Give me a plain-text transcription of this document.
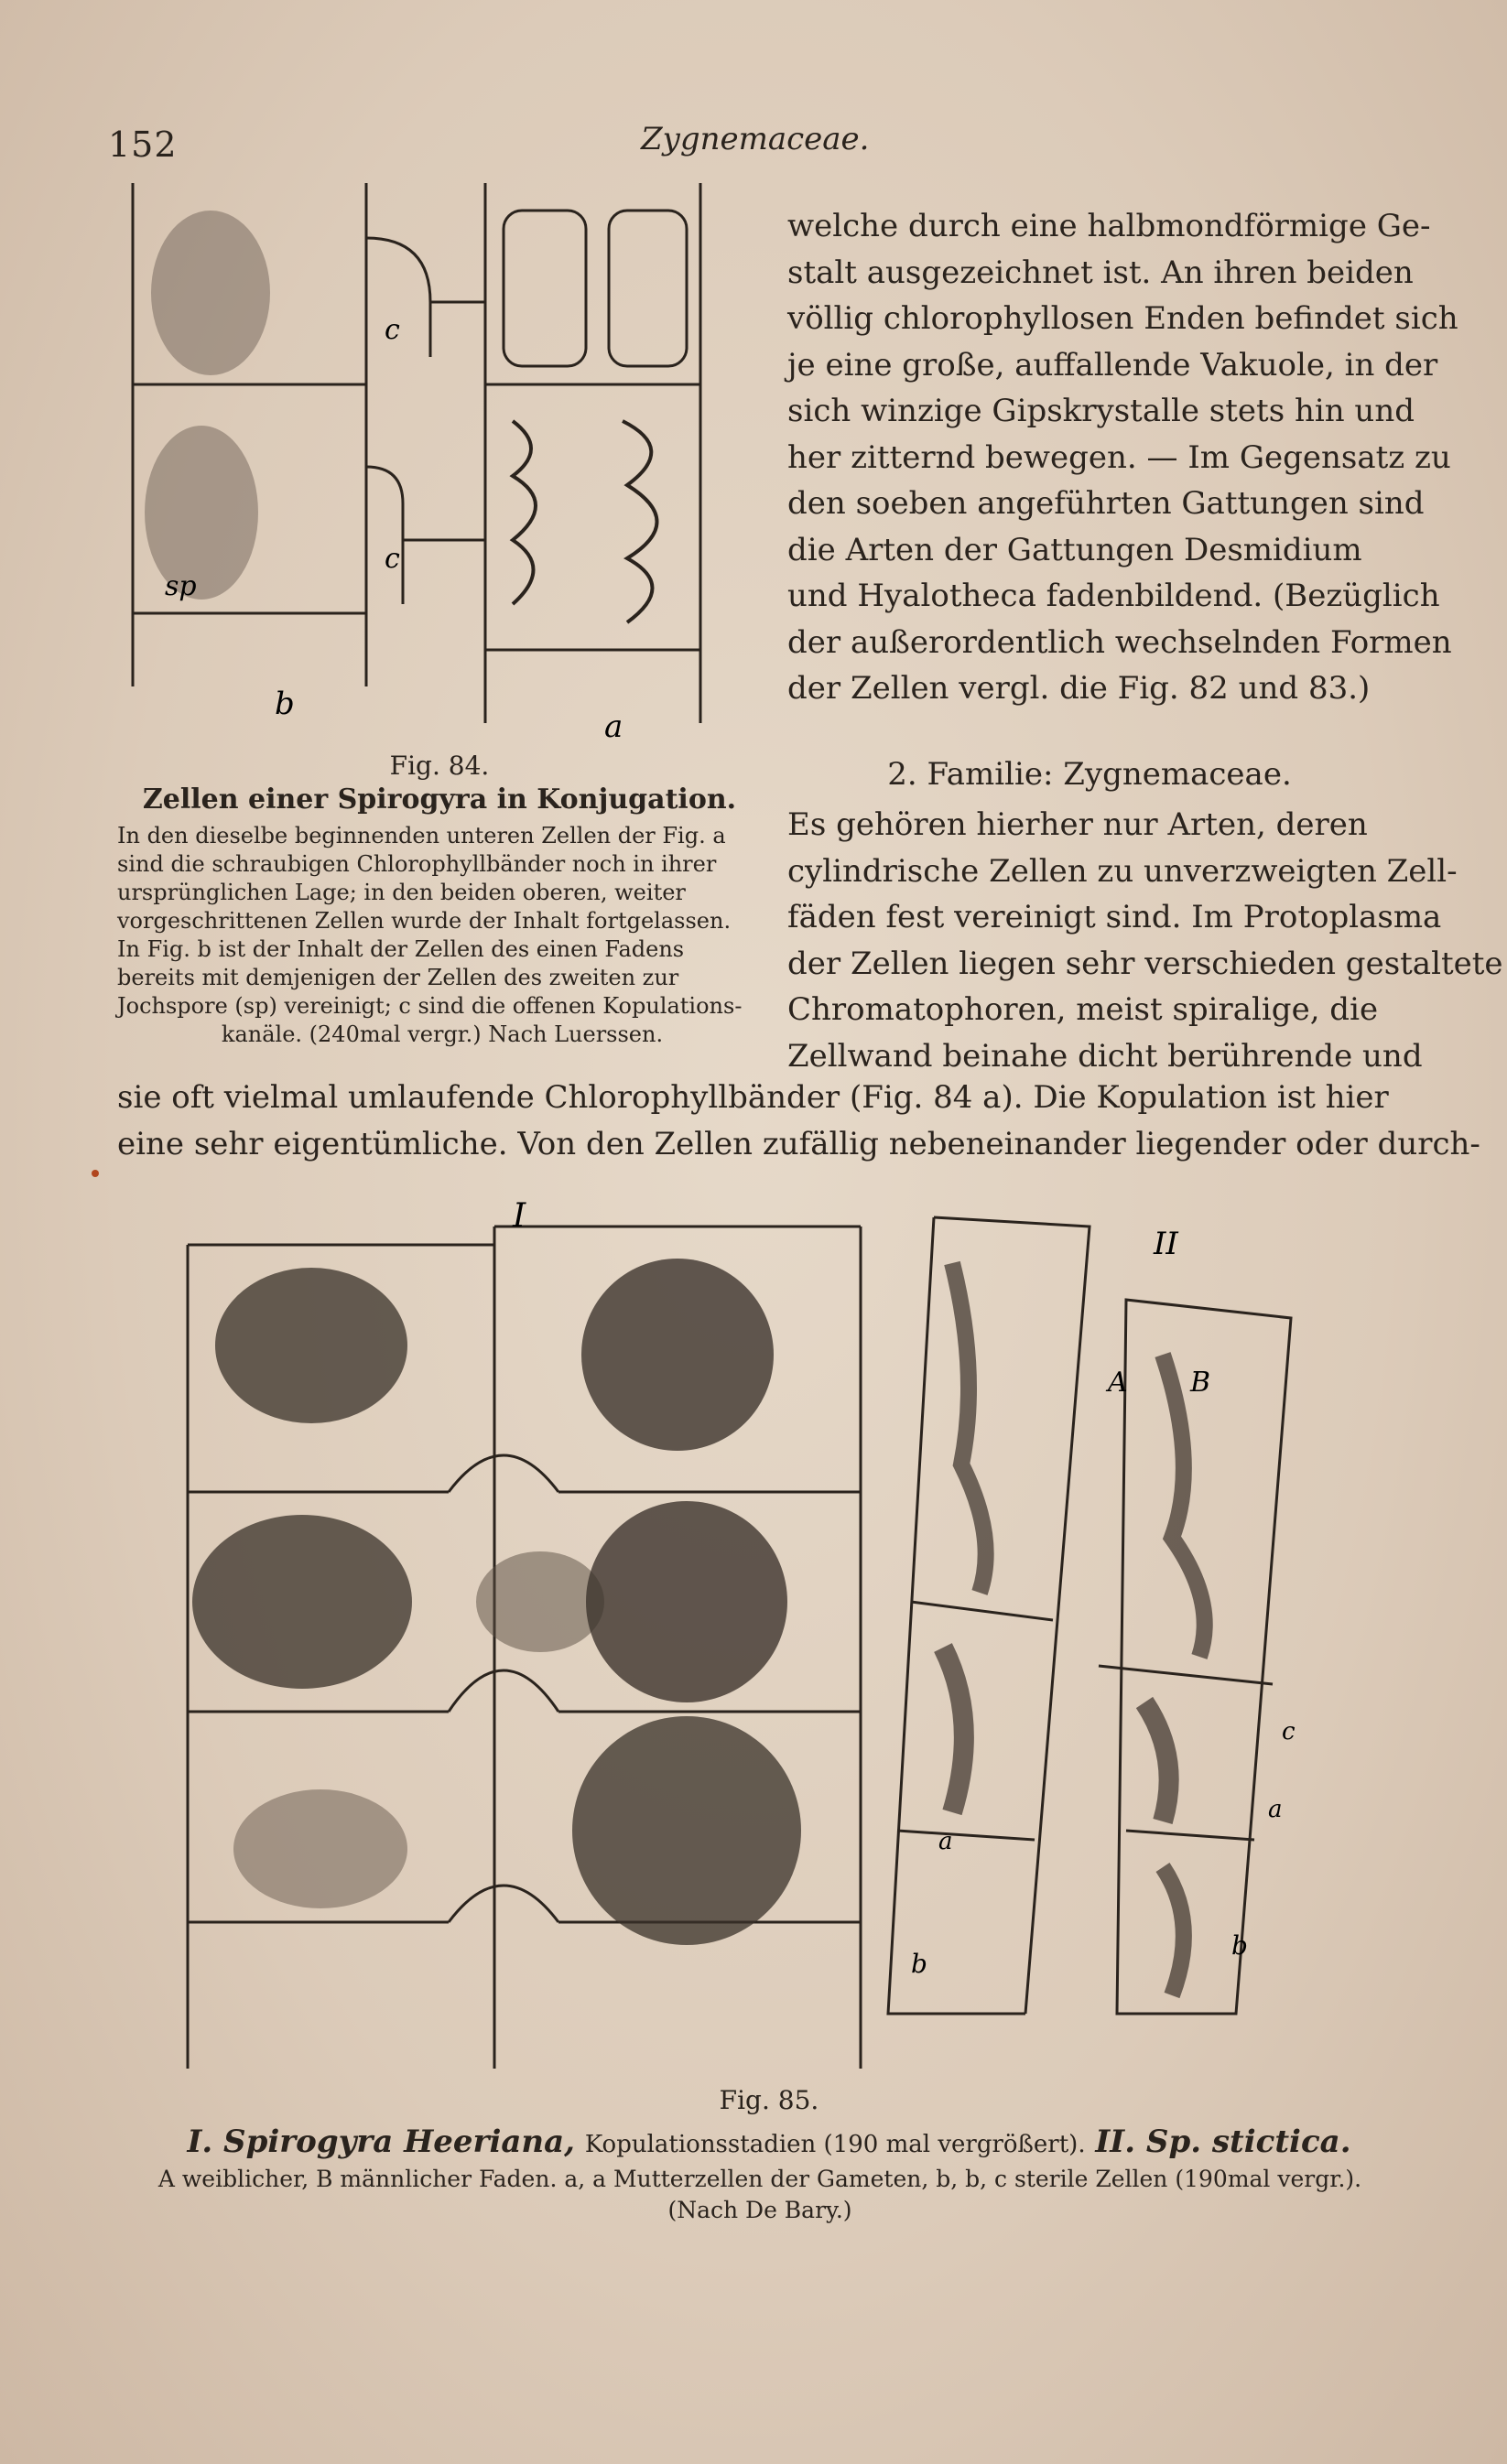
152	Zygnemaceae.
c
c
sp
b
a
Fig. 84.
Zellen einer Spirogyra in Konjugation.
In den dieselbe beginnenden unteren Zellen der Fig. a
sind die schraubigen Chlorophyllbänder noch in ihrer
ursprünglichen Lage; in den beiden oberen, weiter
vorgeschrittenen Zellen wurde der Inhalt fortgelassen.
In Fig. b ist der Inhalt der Zellen des einen Fadens
bereits mit demjenigen der Zellen des zweiten zur
Jochspore (sp) vereinigt; c sind die offenen Kopulations-
kanäle. (240mal vergr.) Nach Luerssen.
welche durch eine halbmondförmige Ge-
stalt ausgezeichnet ist. An ihren beiden
völlig chlorophyllosen Enden befindet sich
je eine große, auffallende Vakuole, in der
sich winzige Gipskrystalle stets hin und
her zitternd bewegen. — Im Gegensatz zu
den soeben angeführten Gattungen sind
die Arten der Gattungen Desmidium
und Hyalotheca fadenbildend. (Bezüglich
der außerordentlich wechselnden Formen
der Zellen vergl. die Fig. 82 und 83.)
2. Familie: Zygnemaceae.
Es gehören hierher nur Arten, deren
cylindrische Zellen zu unverzweigten Zell-
fäden fest vereinigt sind. Im Protoplasma
der Zellen liegen sehr verschieden gestaltete
Chromatophoren, meist spiralige, die
Zellwand beinahe dicht berührende und
sie oft vielmal umlaufende Chlorophyllbänder (Fig. 84 a). Die Kopulation ist hier
eine sehr eigentümliche. Von den Zellen zufällig nebeneinander liegender oder durch-
I
II
A B
a
a
b
b
c
Fig. 85.
I. Spirogyra Heeriana, Kopulationsstadien (190 mal vergrößert). II. Sp. stictica.
A weiblicher, B männlicher Faden. a, a Mutterzellen der Gameten, b, b, c sterile Zellen (190mal vergr.).
(Nach De Bary.)
